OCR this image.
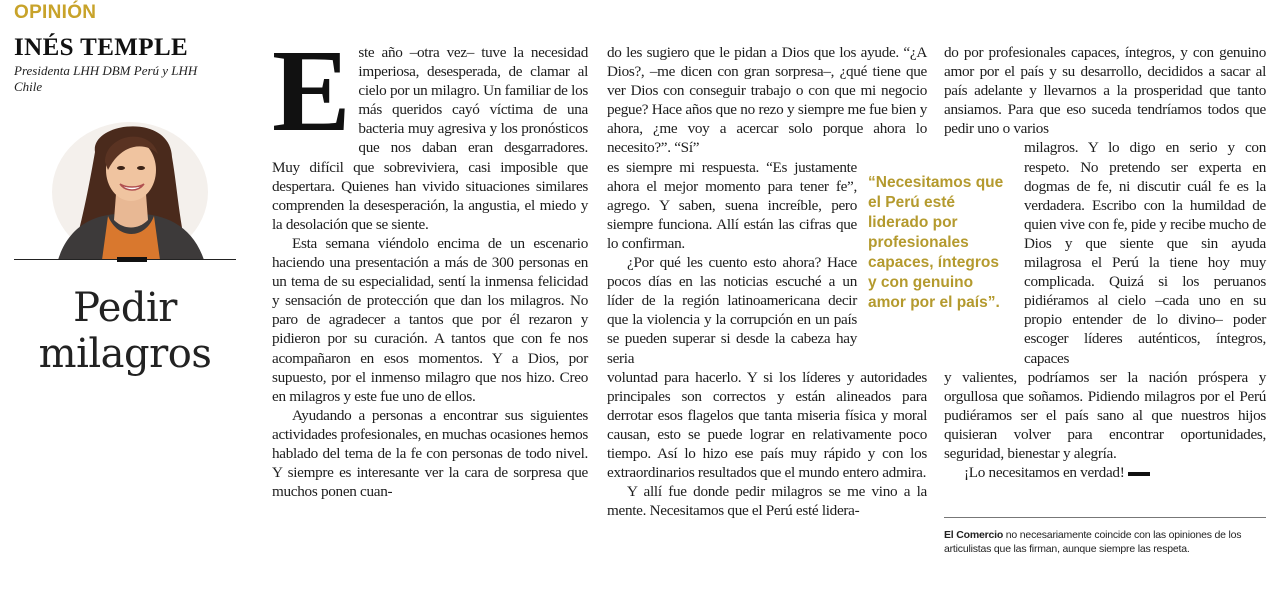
OPINIÓN
INÉS TEMPLE
Presidenta LHH DBM Perú y LHH Chile
Pedir
milagros

Este año –otra vez– tuve la necesidad imperiosa, desesperada, de clamar al cielo por un milagro. Un familiar de los más queridos cayó víctima de una bacteria muy agresiva y los pronósticos que nos daban eran desgarradores. Muy difícil que sobreviviera, casi imposible que despertara. Quienes han vivido situaciones similares comprenden la desesperación, la angustia, el miedo y la desolación que se siente.

Esta semana viéndolo encima de un escenario haciendo una presentación a más de 300 personas en un tema de su especialidad, sentí la inmensa felicidad y sensación de protección que dan los milagros. No paro de agradecer a tantos que por él rezaron y pidieron por su curación. A tantos que con fe nos acompañaron en esos momentos. Y a Dios, por supuesto, por el inmenso milagro que nos hizo. Creo en milagros y este fue uno de ellos.

Ayudando a personas a encontrar sus siguientes actividades profesionales, en muchas ocasiones hemos hablado del tema de la fe con personas de todo nivel. Y siempre es interesante ver la cara de sorpresa que muchos ponen cuan-

do les sugiero que le pidan a Dios que los ayude. “¿A Dios?, –me dicen con gran sorpresa–, ¿qué tiene que ver Dios con conseguir trabajo o con que mi negocio pegue? Hace años que no rezo y siempre me fue bien y ahora, ¿me voy a acercar solo porque ahora lo necesito?”. “Sí”

es siempre mi respuesta. “Es justamente ahora el mejor momento para tener fe”, agrego. Y saben, suena increíble, pero siempre funciona. Allí están las cifras que lo confirman.

¿Por qué les cuento esto ahora? Hace pocos días en las noticias escuché a un líder de la región latinoamericana decir que la violencia y la corrupción en un país se pueden superar si desde la cabeza hay seria

voluntad para hacerlo. Y si los líderes y autoridades principales son correctos y están alineados para derrotar esos flagelos que tanta miseria física y moral causan, esto se puede lograr en relativamente poco tiempo. Así lo hizo ese país muy rápido y con los extraordinarios resultados que el mundo entero admira.

Y allí fue donde pedir milagros se me vino a la mente. Necesitamos que el Perú esté lidera-

“Necesitamos que el Perú esté liderado por profesionales capaces, íntegros y con genuino amor por el país”.

do por profesionales capaces, íntegros, y con genuino amor por el país y su desarrollo, decididos a sacar al país adelante y llevarnos a la prosperidad que tanto ansiamos. Para que eso suceda tendríamos todos que pedir uno o varios

milagros. Y lo digo en serio y con respeto. No pretendo ser experta en dogmas de fe, ni discutir cuál fe es la verdadera. Escribo con la humildad de quien vive con fe, pide y recibe mucho de Dios y que siente que sin ayuda milagrosa el Perú la tiene hoy muy complicada. Quizá si los peruanos pidiéramos al cielo –cada uno en su propio entender de lo divino– poder escoger líderes auténticos, íntegros, capaces

y valientes, podríamos ser la nación próspera y orgullosa que soñamos. Pidiendo milagros por el Perú pudiéramos ser el país sano al que nuestros hijos quisieran volver para encontrar oportunidades, seguridad, bienestar y alegría.

¡Lo necesitamos en verdad!

El Comercio no necesariamente coincide con las opiniones de los articulistas que las firman, aunque siempre las respeta.
